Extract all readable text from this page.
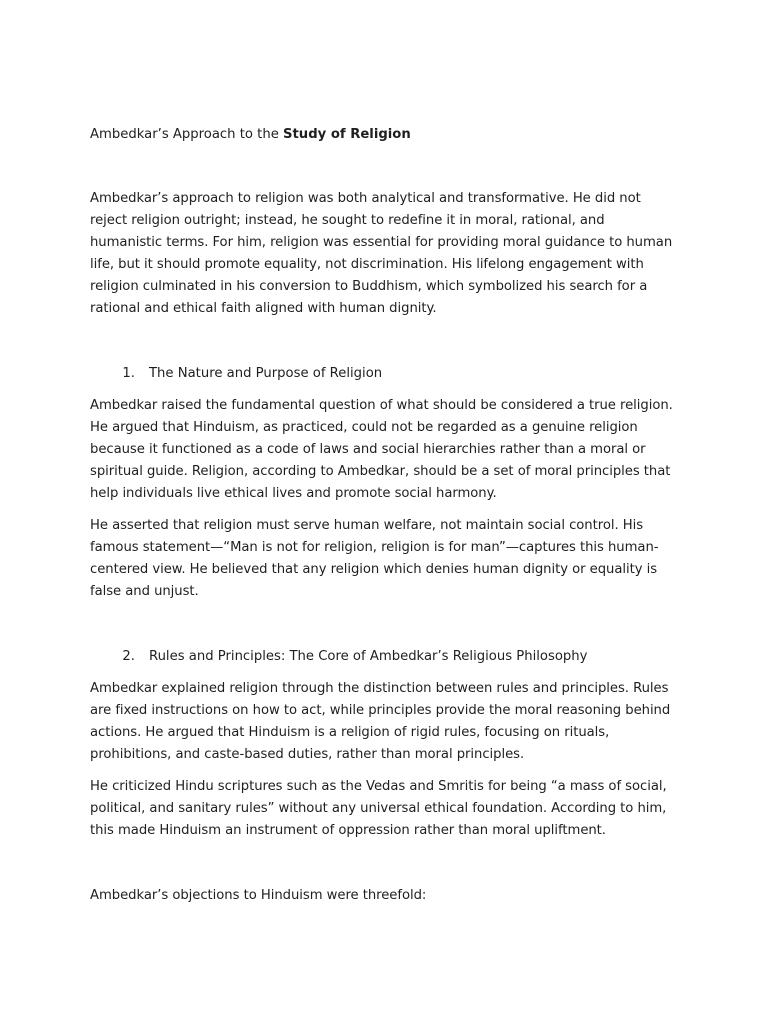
Ambedkar’s Approach to the Study of Religion

Ambedkar’s approach to religion was both analytical and transformative. He did not reject religion outright; instead, he sought to redefine it in moral, rational, and humanistic terms. For him, religion was essential for providing moral guidance to human life, but it should promote equality, not discrimination. His lifelong engagement with religion culminated in his conversion to Buddhism, which symbolized his search for a rational and ethical faith aligned with human dignity.

1. The Nature and Purpose of Religion

Ambedkar raised the fundamental question of what should be considered a true religion. He argued that Hinduism, as practiced, could not be regarded as a genuine religion because it functioned as a code of laws and social hierarchies rather than a moral or spiritual guide. Religion, according to Ambedkar, should be a set of moral principles that help individuals live ethical lives and promote social harmony.

He asserted that religion must serve human welfare, not maintain social control. His famous statement—“Man is not for religion, religion is for man”—captures this human-centered view. He believed that any religion which denies human dignity or equality is false and unjust.

2. Rules and Principles: The Core of Ambedkar’s Religious Philosophy

Ambedkar explained religion through the distinction between rules and principles. Rules are fixed instructions on how to act, while principles provide the moral reasoning behind actions. He argued that Hinduism is a religion of rigid rules, focusing on rituals, prohibitions, and caste-based duties, rather than moral principles.

He criticized Hindu scriptures such as the Vedas and Smritis for being “a mass of social, political, and sanitary rules” without any universal ethical foundation. According to him, this made Hinduism an instrument of oppression rather than moral upliftment.

Ambedkar’s objections to Hinduism were threefold:
